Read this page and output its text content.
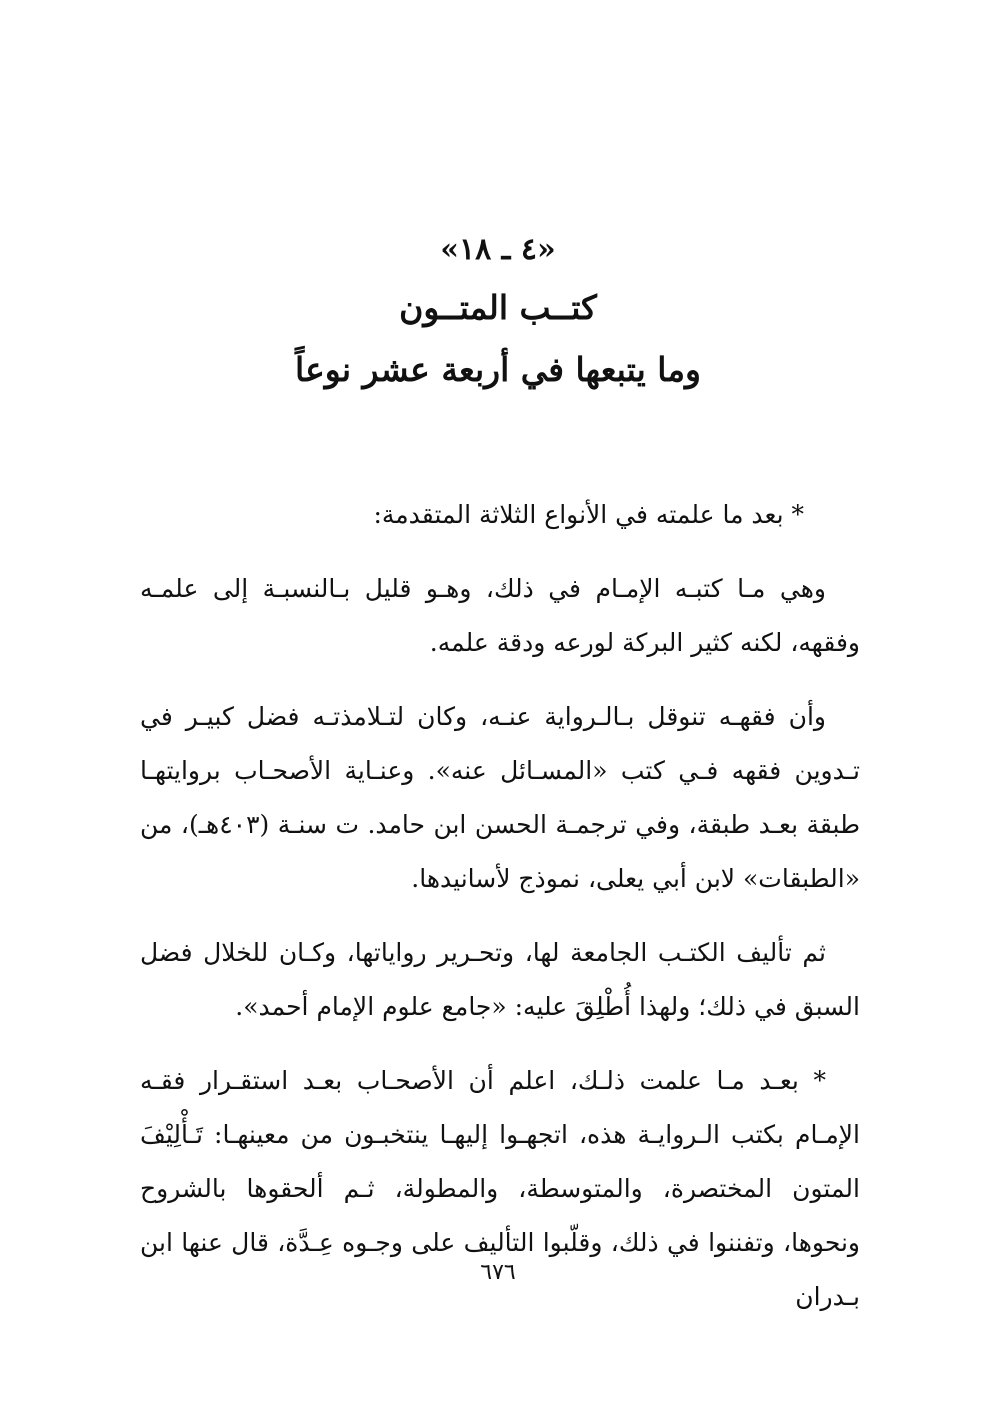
«٤ ـ ١٨»
كتــب المتــون
وما يتبعها في أربعة عشر نوعاً

* بعد ما علمته في الأنواع الثلاثة المتقدمة:

وهي مـا كتبـه الإمـام في ذلك، وهـو قليل بـالنسبـة إلى علمـه وفقهه، لكنه كثير البركة لورعه ودقة علمه.

وأن فقهـه تنوقل بـالـرواية عنـه، وكان لتـلامذتـه فضل كبيـر في تـدوين فقهه فـي كتب «المسـائل عنه». وعنـاية الأصحـاب بروايتهـا طبقة بعـد طبقة، وفي ترجمـة الحسن ابن حامد. ت سنـة (٤٠٣هـ)، من «الطبقات» لابن أبي يعلى، نموذج لأسانيدها.

ثم تأليف الكتـب الجامعة لها، وتحـرير رواياتها، وكـان للخلال فضل السبق في ذلك؛ ولهذا أُطْلِقَ عليه: «جامع علوم الإمام أحمد».

* بعـد مـا علمت ذلـك، اعلم أن الأصحـاب بعـد استقـرار فقـه الإمـام بكتب الـروايـة هذه، اتجهـوا إليهـا ينتخبـون من معينهـا: تَـأْلِيْفَ المتون المختصرة، والمتوسطة، والمطولة، ثـم ألحقوها بالشروح ونحوها، وتفننوا في ذلك، وقلّبوا التأليف على وجـوه عِـدَّة، قال عنها ابن بـدران

٦٧٦
